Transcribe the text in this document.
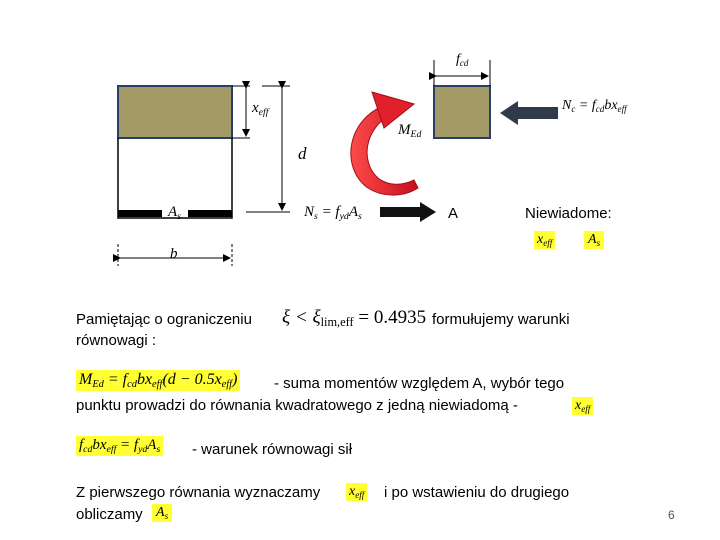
$f_{cd}$
$x_{eff}$
d
$M_{Ed}$
$A_s$
b
$N_s = f_{yd}A_s$
$N_c = f_{cd}bx_{eff}$
A	Niewiadome:
$x_{eff}$	$A_s$
Pamiętając o ograniczeniu
równowagi :
$\xi < \xi_{lim,eff} = 0.4935$ formułujemy warunki
$M_{Ed} = f_{cd}bx_{eff}(d - 0.5x_{eff})$ - suma momentów względem A, wybór tego
punktu prowadzi do równania kwadratowego z jedną niewiadomą -	$x_{eff}$
$f_{cd}bx_{eff} = f_{yd}A_s$ - warunek równowagi sił
Z pierwszego równania wyznaczamy $x_{eff}$ i po wstawieniu do drugiego
obliczamy $A_s$	6
